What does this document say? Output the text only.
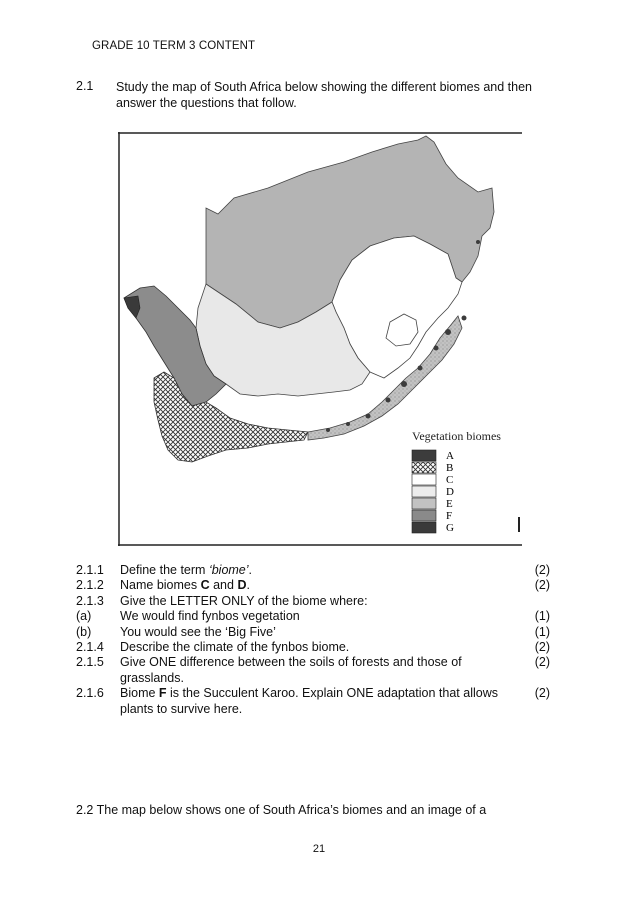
GRADE 10 TERM 3 CONTENT
2.1 Study the map of South Africa below showing the different biomes and then answer the questions that follow.
Vegetation biomes
A
B
C
D
E
F
G
2.1.1	Define the term ‘biome’.	(2)
2.1.2	Name biomes C and D.	(2)
2.1.3	Give the LETTER ONLY of the biome where:
(a)	We would find fynbos vegetation	(1)
(b)	You would see the ‘Big Five’	(1)
2.1.4	Describe the climate of the fynbos biome.	(2)
2.1.5	Give ONE difference between the soils of forests and those of grasslands.
(2)
2.1.6	Biome F is the Succulent Karoo. Explain ONE adaptation that allows plants to survive here.
(2)
2.2 The map below shows one of South Africa’s biomes and an image of a
21
